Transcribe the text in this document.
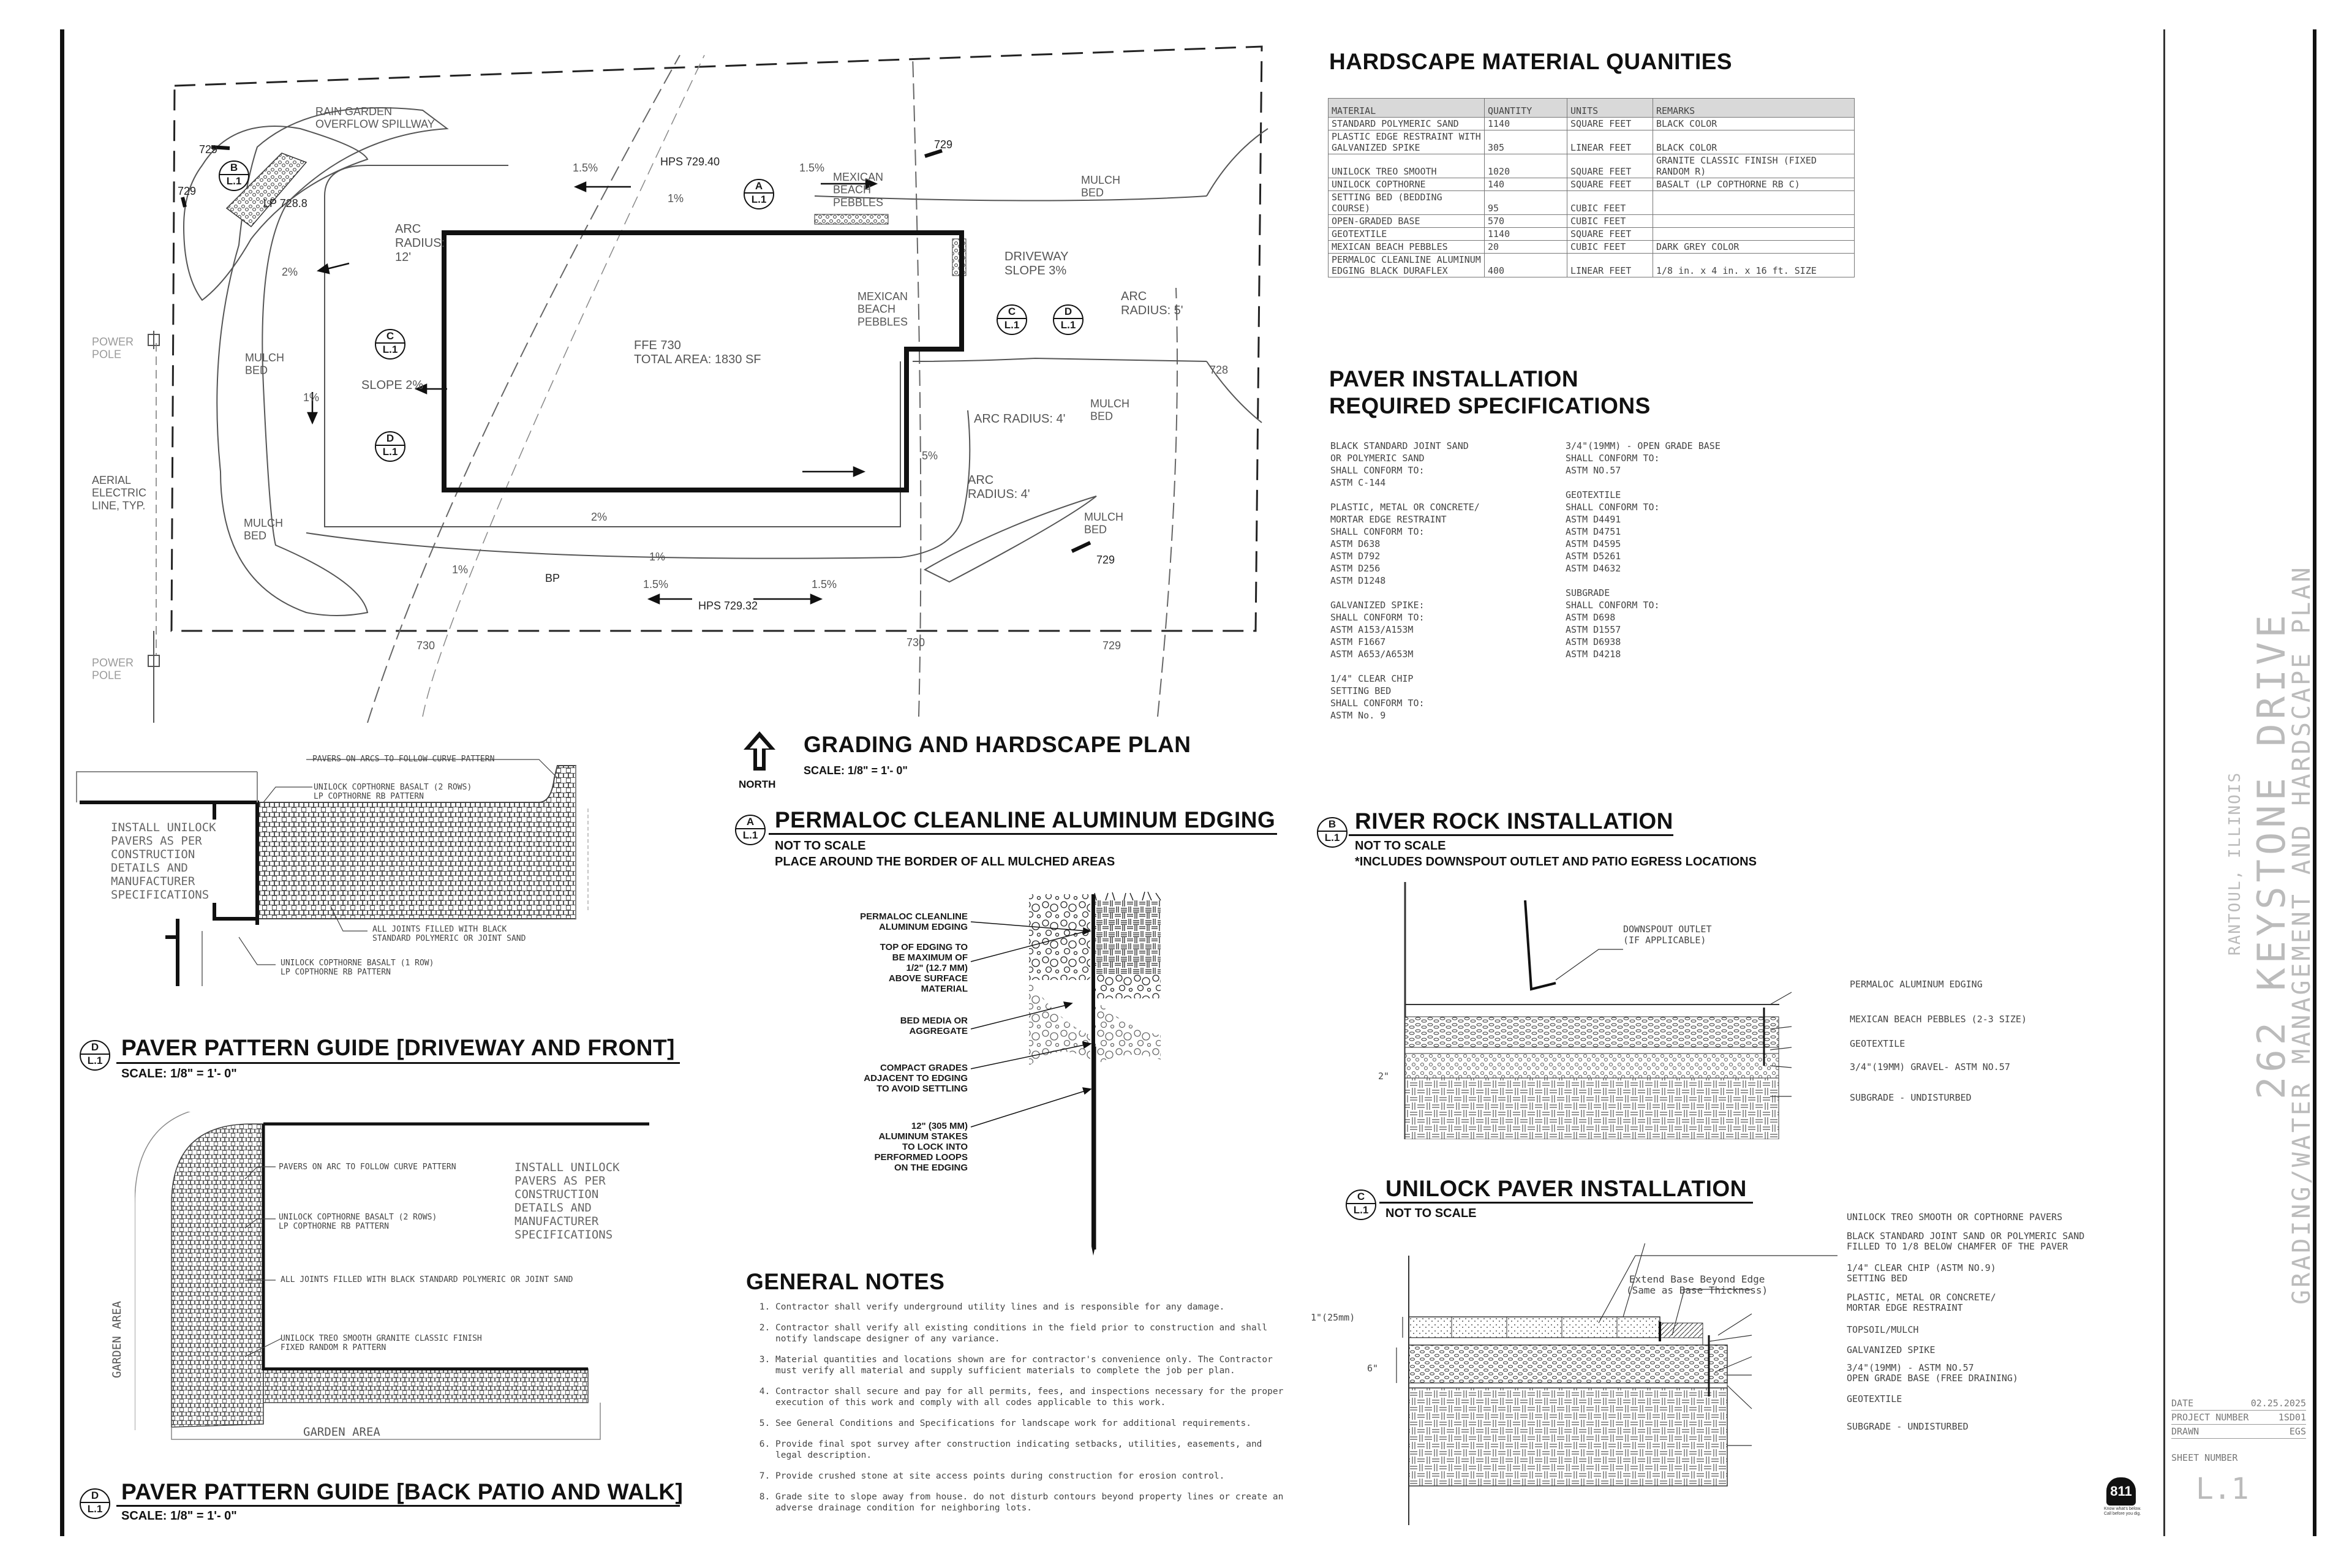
RAIN GARDEN OVERFLOW SPILLWAY
LP 728.8
HPS 729.40
HPS 729.32
BP
FFE 730 TOTAL AREA: 1830 SF
ARC RADIUS: 12'
ARC RADIUS: 5'
ARC RADIUS: 4'
ARC RADIUS: 4'
SLOPE 2%
DRIVEWAY SLOPE 3%
MEXICAN BEACH PEBBLES
MEXICAN BEACH PEBBLES
MULCH BED
MULCH BED
MULCH BED
MULCH BED
MULCH BED
POWER POLE
POWER POLE
AERIAL ELECTRIC LINE, TYP.
729
729
729
729
729
728
730	730
1.5%	1.5%
1.5%	1.5%
1%
1%
1%
1%
2%
2%
5%
B
L.1	A
L.1
C
L.1
D
L.1
C
L.1
D
L.1
NORTH
GRADING AND HARDSCAPE PLAN
SCALE: 1/8" = 1'- 0"
HARDSCAPE MATERIAL QUANITIES
MATERIAL	QUANTITY	UNITS	REMARKS
STANDARD POLYMERIC SAND	1140	SQUARE FEET	BLACK COLOR
PLASTIC EDGE RESTRAINT WITH GALVANIZED SPIKE	305	LINEAR FEET	BLACK COLOR
UNILOCK TREO SMOOTH	1020	SQUARE FEET	GRANITE CLASSIC FINISH (FIXED RANDOM R)
UNILOCK COPTHORNE	140	SQUARE FEET	BASALT (LP COPTHORNE RB C)
SETTING BED (BEDDING COURSE)	95	CUBIC FEET	
OPEN-GRADED BASE	570	CUBIC FEET	
GEOTEXTILE	1140	SQUARE FEET	
MEXICAN BEACH PEBBLES	20	CUBIC FEET	DARK GREY COLOR
PERMALOC CLEANLINE ALUMINUM EDGING BLACK DURAFLEX	400	LINEAR FEET	1/8 in. x 4 in. x 16 ft. SIZE
PAVER INSTALLATION
REQUIRED SPECIFICATIONS
BLACK STANDARD JOINT SAND
OR POLYMERIC SAND
SHALL CONFORM TO:
ASTM C-144

PLASTIC, METAL OR CONCRETE/
MORTAR EDGE RESTRAINT
SHALL CONFORM TO:
ASTM D638
ASTM D792
ASTM D256
ASTM D1248

GALVANIZED SPIKE:
SHALL CONFORM TO:
ASTM A153/A153M
ASTM F1667
ASTM A653/A653M

1/4" CLEAR CHIP
SETTING BED
SHALL CONFORM TO:
ASTM No. 9
3/4"(19MM) - OPEN GRADE BASE
SHALL CONFORM TO:
ASTM NO.57

GEOTEXTILE
SHALL CONFORM TO:
ASTM D4491
ASTM D4751
ASTM D4595
ASTM D5261
ASTM D4632

SUBGRADE
SHALL CONFORM TO:
ASTM D698
ASTM D1557
ASTM D6938
ASTM D4218
INSTALL UNILOCK
PAVERS AS PER
CONSTRUCTION
DETAILS AND
MANUFACTURER
SPECIFICATIONS
PAVERS ON ARCS TO FOLLOW CURVE PATTERN
UNILOCK COPTHORNE BASALT (2 ROWS)
LP COPTHORNE RB PATTERN
ALL JOINTS FILLED WITH BLACK
STANDARD POLYMERIC OR JOINT SAND
UNILOCK COPTHORNE BASALT (1 ROW)
LP COPTHORNE RB PATTERN
D
L.1
PAVER PATTERN GUIDE [DRIVEWAY AND FRONT]
SCALE: 1/8" = 1'- 0"
PAVERS ON ARC TO FOLLOW CURVE PATTERN
UNILOCK COPTHORNE BASALT (2 ROWS)
LP COPTHORNE RB PATTERN
ALL JOINTS FILLED WITH BLACK STANDARD POLYMERIC OR JOINT SAND
UNILOCK TREO SMOOTH GRANITE CLASSIC FINISH
FIXED RANDOM R PATTERN
INSTALL UNILOCK
PAVERS AS PER
CONSTRUCTION
DETAILS AND
MANUFACTURER
SPECIFICATIONS
GARDEN AREA
GARDEN AREA
D
L.1
PAVER PATTERN GUIDE [BACK PATIO AND WALK]
SCALE: 1/8" = 1'- 0"
A
L.1
PERMALOC CLEANLINE ALUMINUM EDGING
NOT TO SCALE
PLACE AROUND THE BORDER OF ALL MULCHED AREAS
PERMALOC CLEANLINE
ALUMINUM EDGING
TOP OF EDGING TO
BE MAXIMUM OF
1/2" (12.7 MM)
ABOVE SURFACE
MATERIAL
BED MEDIA OR
AGGREGATE
COMPACT GRADES
ADJACENT TO EDGING
TO AVOID SETTLING
12" (305 MM)
ALUMINUM STAKES
TO LOCK INTO
PERFORMED LOOPS
ON THE EDGING
GENERAL NOTES
1. Contractor shall verify underground utility lines and is responsible for any damage.
2. Contractor shall verify all existing conditions in the field prior to construction and shall notify landscape designer of any variance.
3. Material quantities and locations shown are for contractor's convenience only. The Contractor must verify all material and supply sufficient materials to complete the job per plan.
4. Contractor shall secure and pay for all permits, fees, and inspections necessary for the proper execution of this work and comply with all codes applicable to this work.
5. See General Conditions and Specifications for landscape work for additional requirements.
6. Provide final spot survey after construction indicating setbacks, utilities, easements, and legal description.
7. Provide crushed stone at site access points during construction for erosion control.
8. Grade site to slope away from house. do not disturb contours beyond property lines or create an adverse drainage condition for neighboring lots.
811
Know what's below.
Call before you dig.
B
L.1
RIVER ROCK INSTALLATION
NOT TO SCALE
*INCLUDES DOWNSPOUT OUTLET AND PATIO EGRESS LOCATIONS
DOWNSPOUT OUTLET
(IF APPLICABLE)
2"
PERMALOC ALUMINUM EDGING
MEXICAN BEACH PEBBLES (2-3 SIZE)
GEOTEXTILE
3/4"(19MM) GRAVEL- ASTM NO.57
SUBGRADE - UNDISTURBED
C
L.1
UNILOCK PAVER INSTALLATION
NOT TO SCALE
Extend Base Beyond Edge
(Same as Base Thickness)
1"(25mm)
6"
UNILOCK TREO SMOOTH OR COPTHORNE PAVERS
BLACK STANDARD JOINT SAND OR POLYMERIC SAND
FILLED TO 1/8 BELOW CHAMFER OF THE PAVER
1/4" CLEAR CHIP (ASTM NO.9)
SETTING BED
PLASTIC, METAL OR CONCRETE/
MORTAR EDGE RESTRAINT
TOPSOIL/MULCH
GALVANIZED SPIKE
3/4"(19MM) - ASTM NO.57
OPEN GRADE BASE (FREE DRAINING)
GEOTEXTILE
SUBGRADE - UNDISTURBED
262 KEYSTONE DRIVE
RANTOUL, ILLINOIS GRADING/WATER MANAGEMENT AND HARDSCAPE PLAN
DATE	02.25.2025
PROJECT NUMBER	1SD01
DRAWN	EGS
SHEET NUMBER
L.1
